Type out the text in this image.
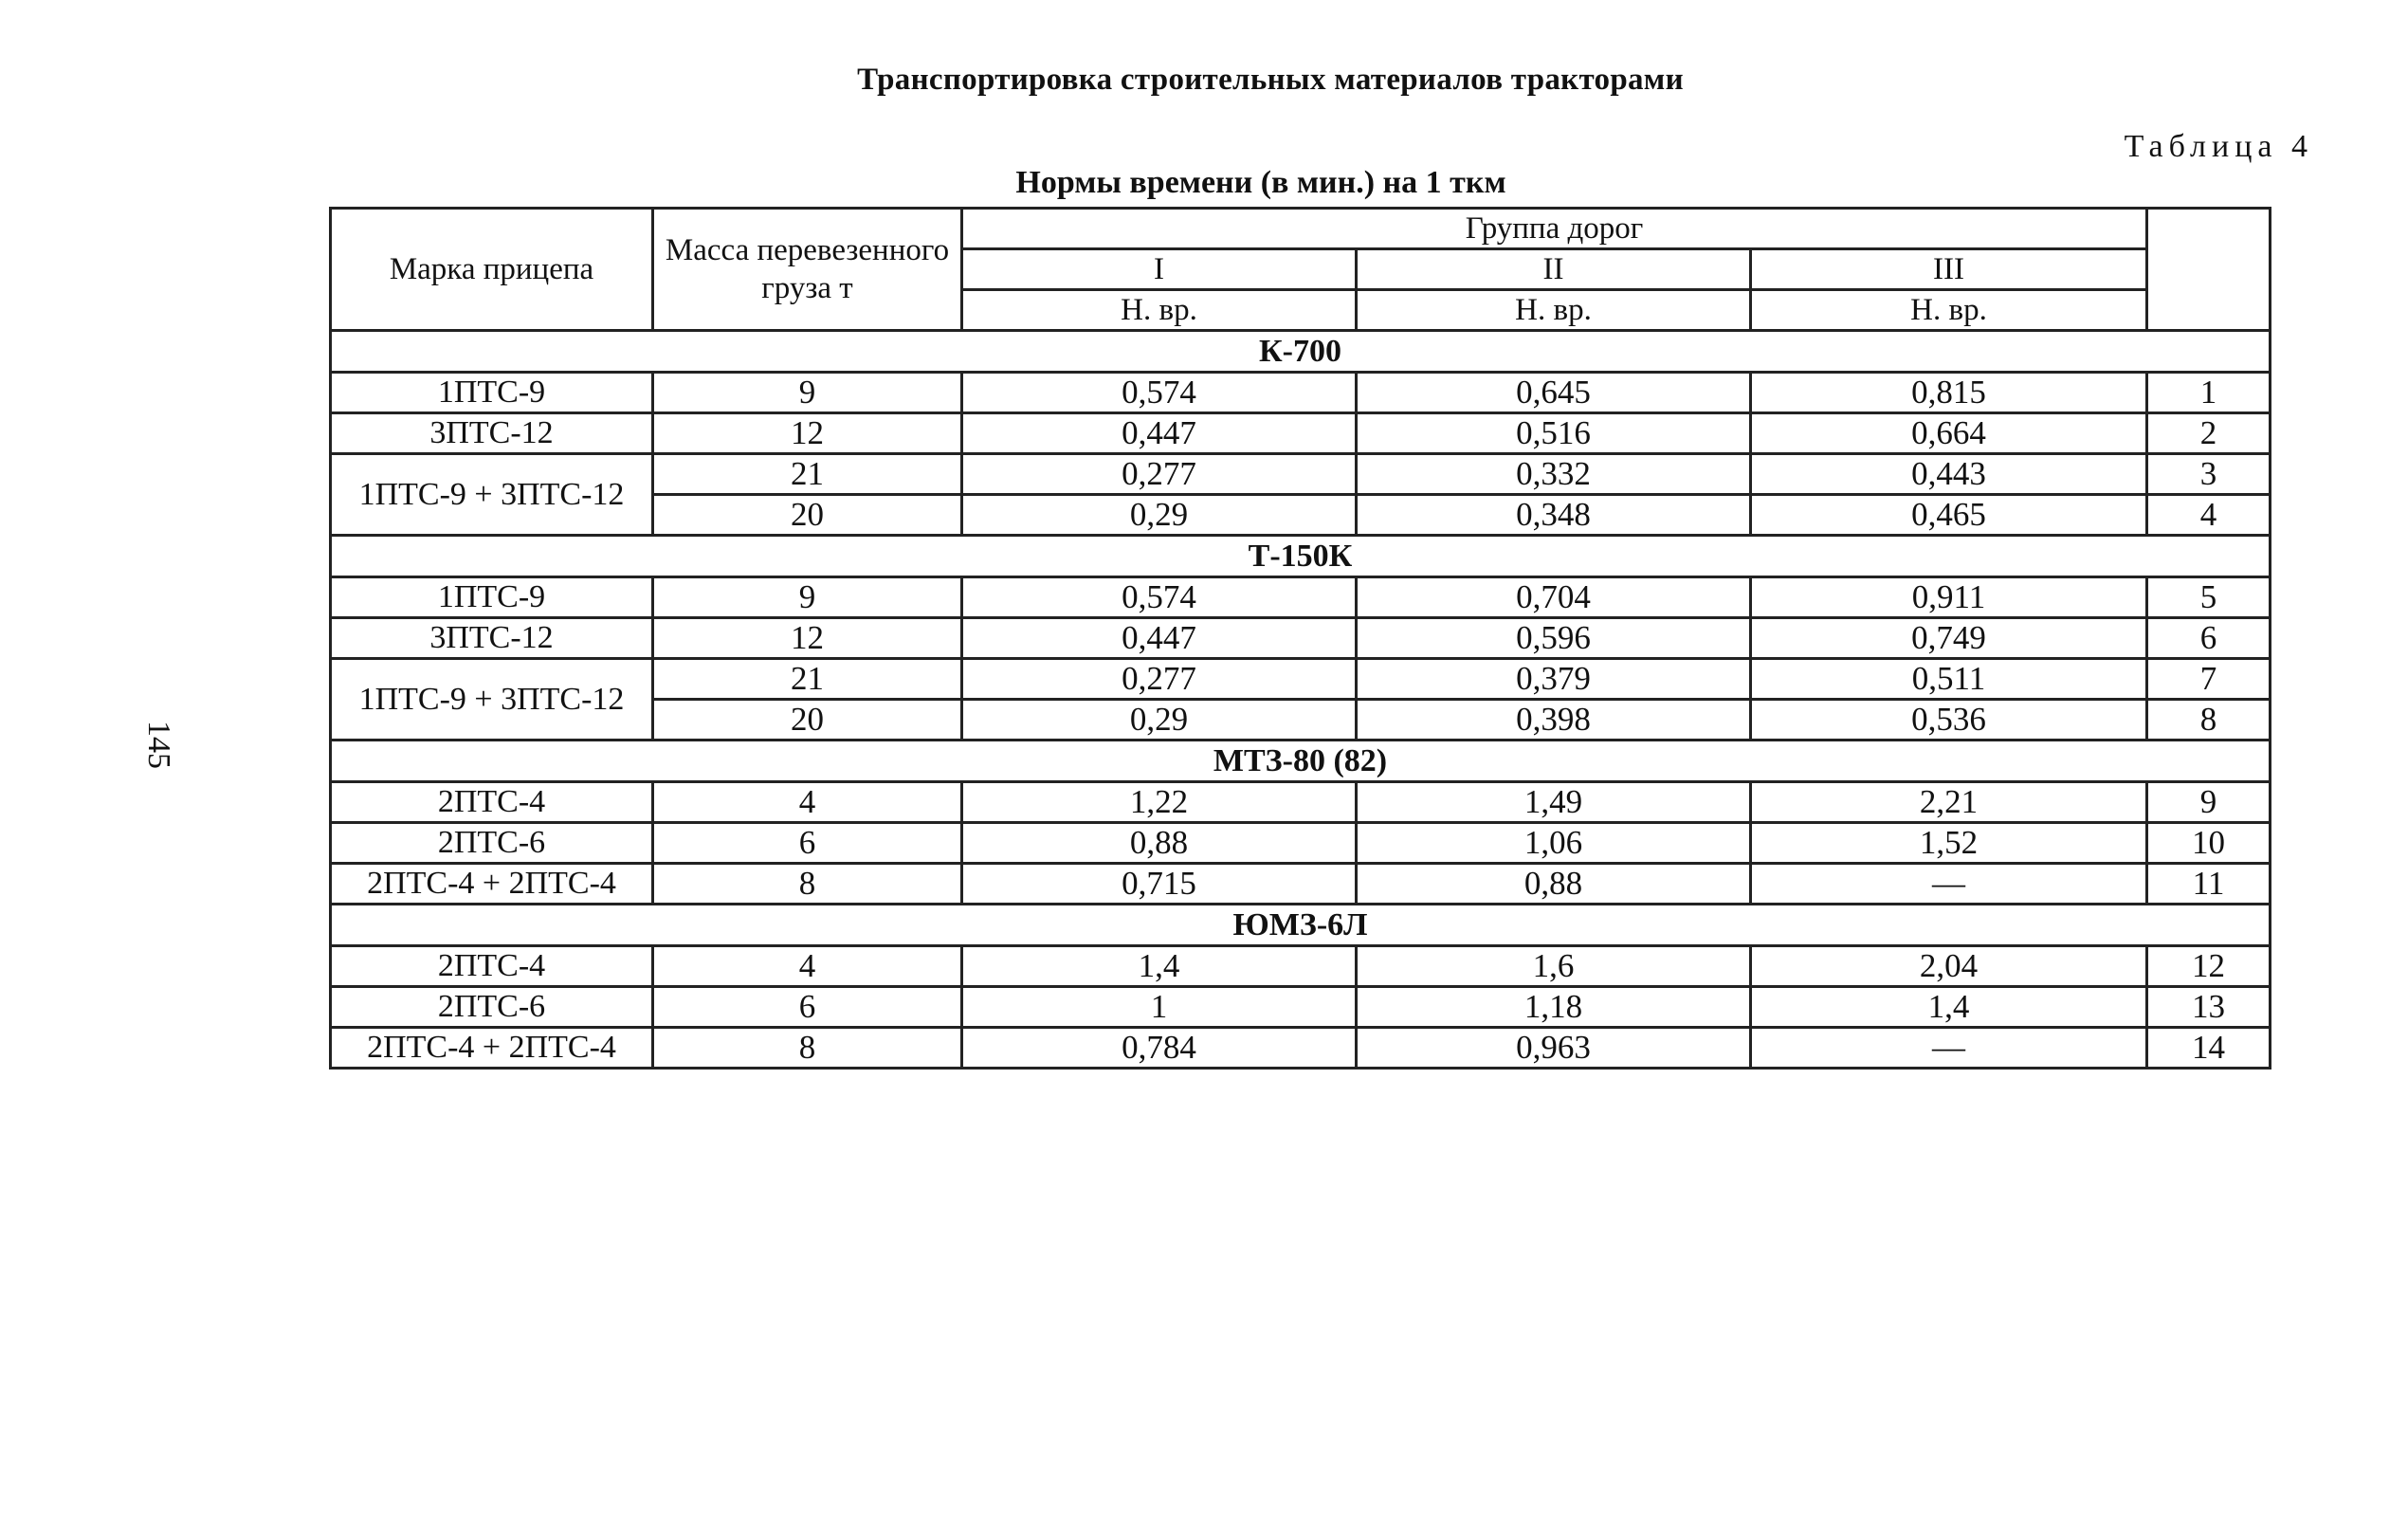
Транспортировка строительных материалов тракторами
Таблица 4
Нормы времени (в мин.) на 1 ткм
145
Марка прицепа	Масса перевезенного груза т	Группа дорог			
		I	II	III	
		Н. вр.	Н. вр.	Н. вр.	
К-700					
1ПТС-9	9	0,574	0,645	0,815	1
3ПТС-12	12	0,447	0,516	0,664	2
1ПТС-9 + 3ПТС-12	21	0,277	0,332	0,443	3
	20	0,29	0,348	0,465	4
Т-150К					
1ПТС-9	9	0,574	0,704	0,911	5
3ПТС-12	12	0,447	0,596	0,749	6
1ПТС-9 + 3ПТС-12	21	0,277	0,379	0,511	7
	20	0,29	0,398	0,536	8
МТЗ-80 (82)					
2ПТС-4	4	1,22	1,49	2,21	9
2ПТС-6	6	0,88	1,06	1,52	10
2ПТС-4 + 2ПТС-4	8	0,715	0,88	—	11
ЮМЗ-6Л					
2ПТС-4	4	1,4	1,6	2,04	12
2ПТС-6	6	1	1,18	1,4	13
2ПТС-4 + 2ПТС-4	8	0,784	0,963	—	14
